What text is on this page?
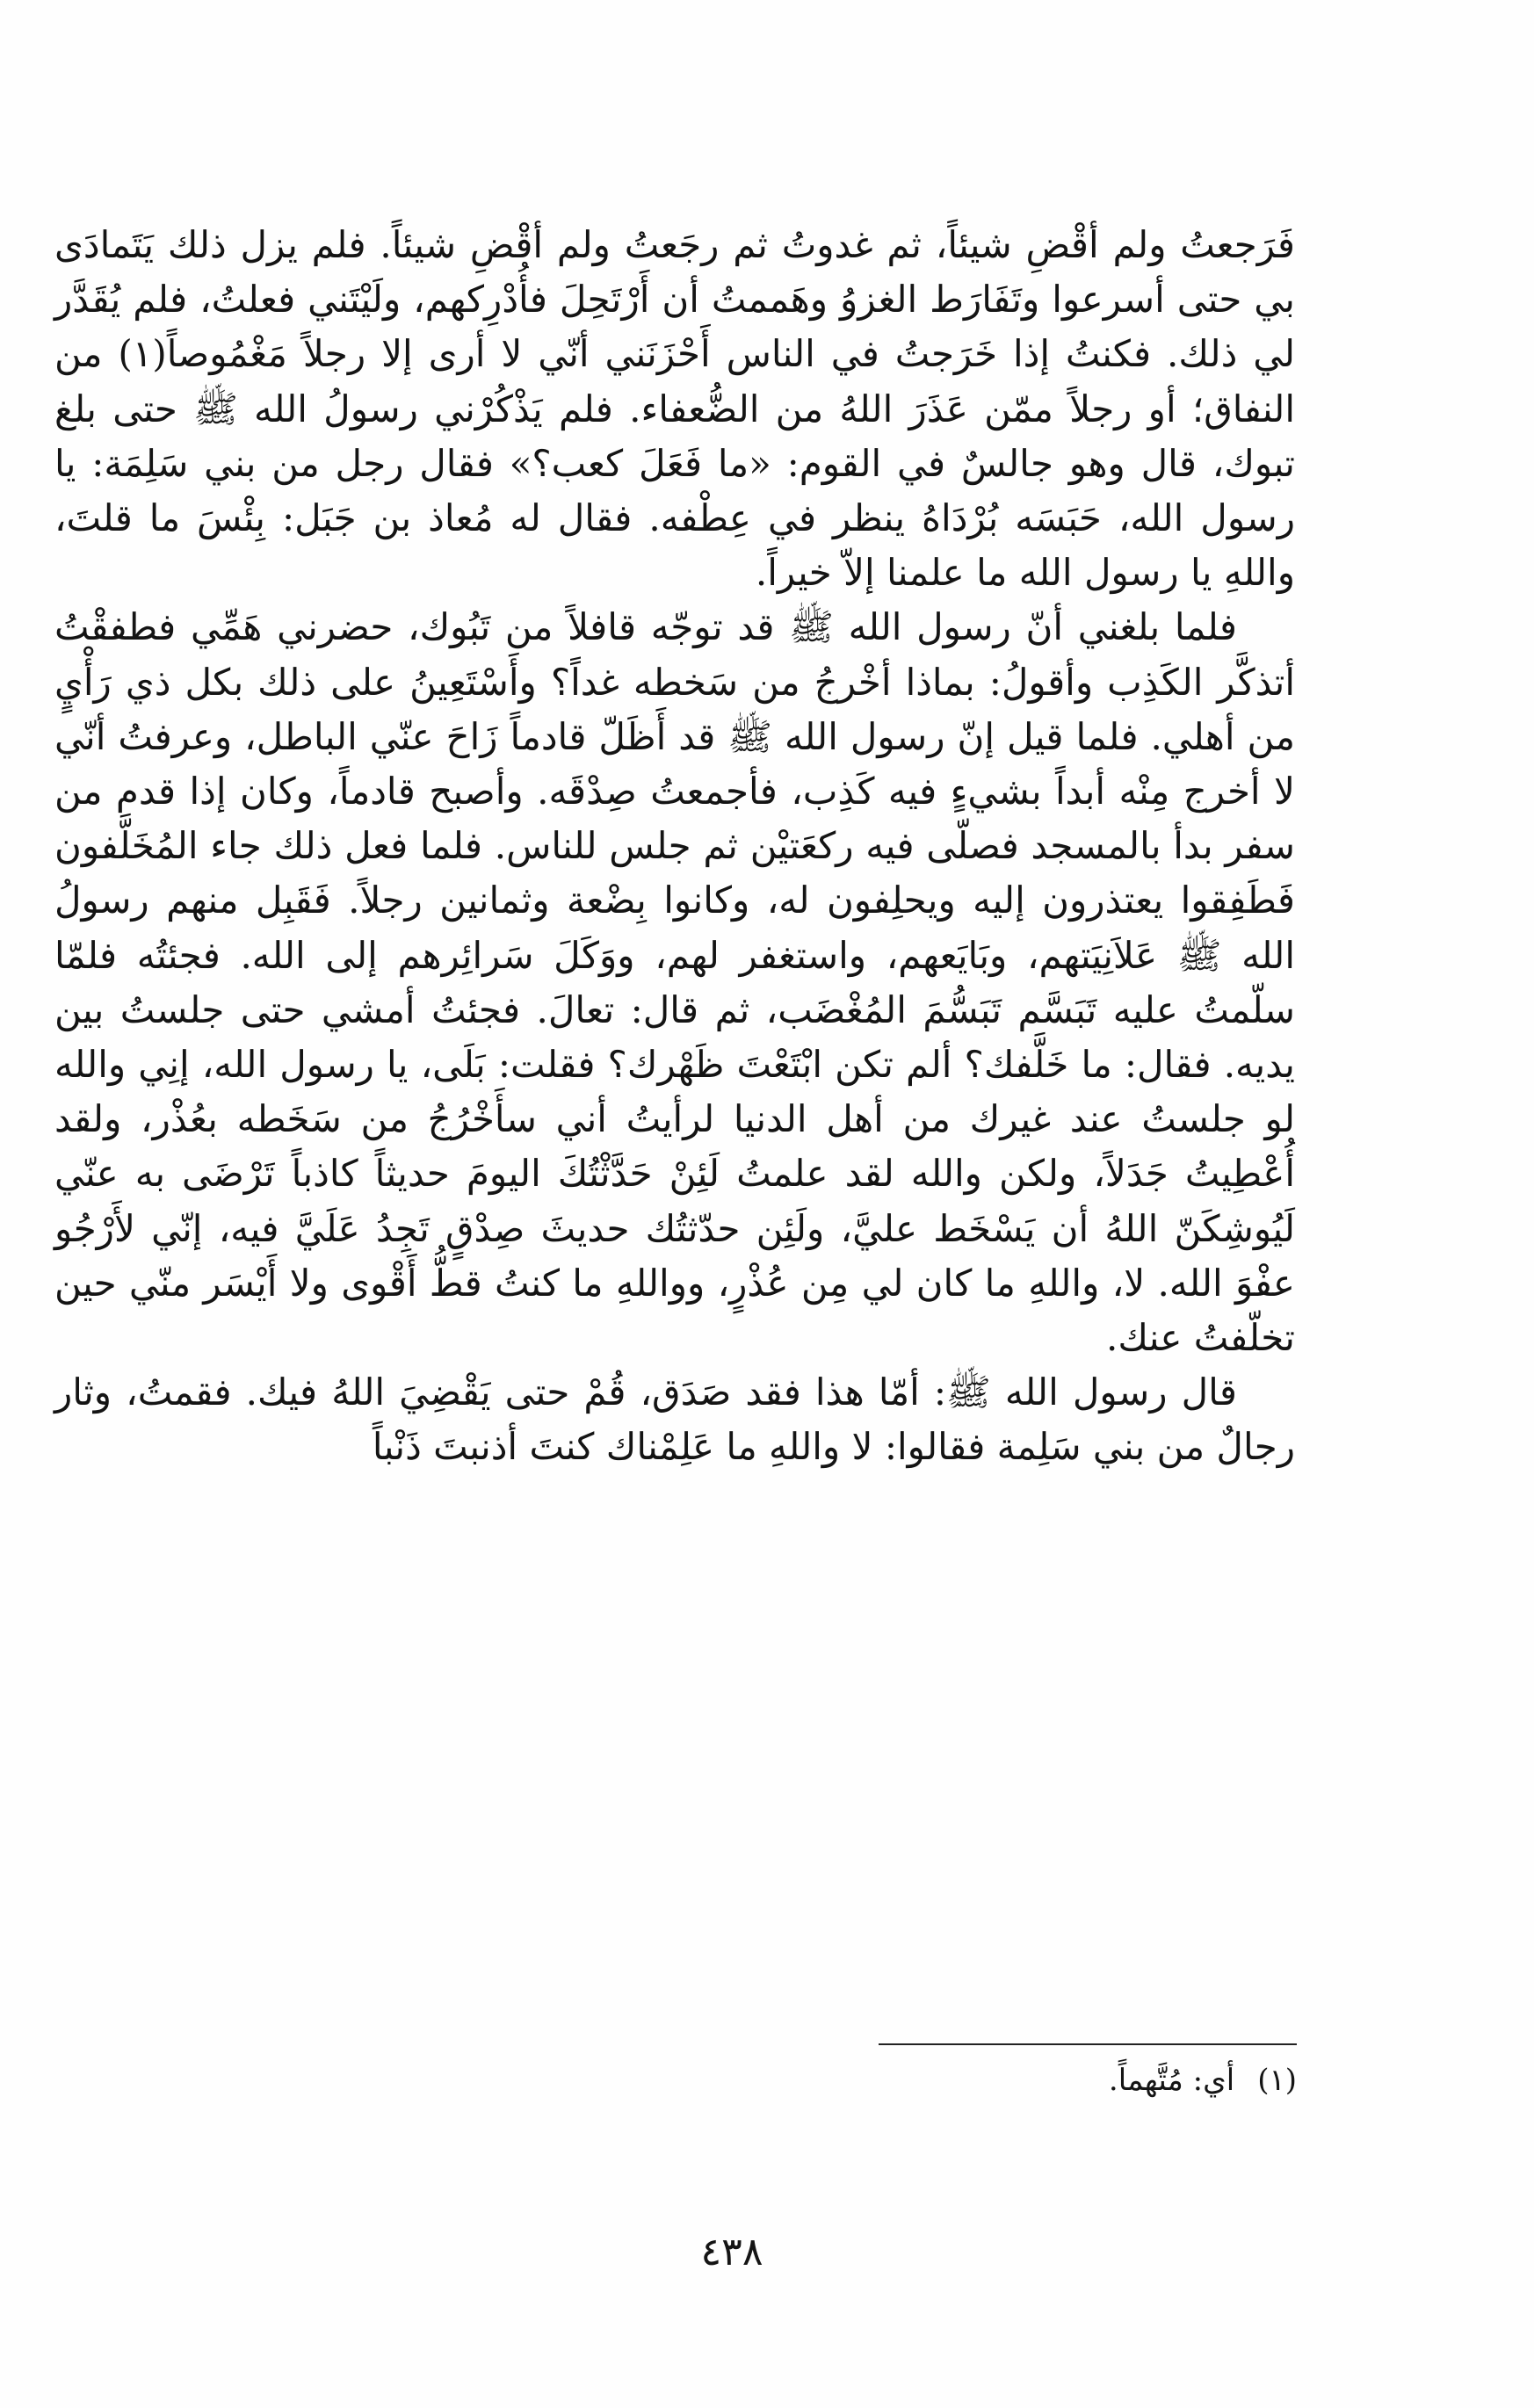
فَرَجعتُ ولم أقْضِ شيئاً، ثم غدوتُ ثم رجَعتُ ولم أقْضِ شيئاً. فلم يزل ذلك يَتَمادَى بي حتى أسرعوا وتَفَارَط الغزوُ وهَممتُ أن أَرْتَحِلَ فأُدْرِكهم، ولَيْتَني فعلتُ، فلم يُقَدَّر لي ذلك. فكنتُ إذا خَرَجتُ في الناس أَحْزَنَني أنّي لا أرى إلا رجلاً مَغْمُوصاً(١) من النفاق؛ أو رجلاً ممّن عَذَرَ اللهُ من الضُّعفاء. فلم يَذْكُرْني رسولُ الله ﷺ حتى بلغ تبوك، قال وهو جالسٌ في القوم: «ما فَعَلَ كعب؟» فقال رجل من بني سَلِمَة: يا رسول الله، حَبَسَه بُرْدَاهُ ينظر في عِطْفه. فقال له مُعاذ بن جَبَل: بِئْسَ ما قلتَ، واللهِ يا رسول الله ما علمنا إلاّ خيراً.

فلما بلغني أنّ رسول الله ﷺ قد توجّه قافلاً من تَبُوك، حضرني هَمِّي فطفقْتُ أتذكَّر الكَذِب وأقولُ: بماذا أخْرجُ من سَخطه غداً؟ وأَسْتَعِينُ على ذلك بكل ذي رَأْيٍ من أهلي. فلما قيل إنّ رسول الله ﷺ قد أَظَلّ قادماً زَاحَ عنّي الباطل، وعرفتُ أنّي لا أخرج مِنْه أبداً بشيءٍ فيه كَذِب، فأجمعتُ صِدْقَه. وأصبح قادماً، وكان إذا قدم من سفر بدأ بالمسجد فصلّى فيه ركعَتيْن ثم جلس للناس. فلما فعل ذلك جاء المُخَلَّفون فَطَفِقوا يعتذرون إليه ويحلِفون له، وكانوا بِضْعة وثمانين رجلاً. فَقَبِل منهم رسولُ الله ﷺ عَلاَنِيَتهم، وبَايَعهم، واستغفر لهم، ووَكَلَ سَرائِرهم إلى الله. فجئتُه فلمّا سلّمتُ عليه تَبَسَّم تَبَسُّمَ المُغْضَب، ثم قال: تعالَ. فجئتُ أمشي حتى جلستُ بين يديه. فقال: ما خَلَّفك؟ ألم تكن ابْتَعْتَ ظَهْرك؟ فقلت: بَلَى، يا رسول الله، إنِي والله لو جلستُ عند غيرك من أهل الدنيا لرأيتُ أني سأَخْرُجُ من سَخَطه بعُذْر، ولقد أُعْطِيتُ جَدَلاً، ولكن والله لقد علمتُ لَئِنْ حَدَّثْتُكَ اليومَ حديثاً كاذباً تَرْضَى به عنّي لَيُوشِكَنّ اللهُ أن يَسْخَط عليَّ، ولَئِن حدّثتُك حديثَ صِدْقٍ تَجِدُ عَلَيَّ فيه، إنّي لأَرْجُو عفْوَ الله. لا، واللهِ ما كان لي مِن عُذْرٍ، وواللهِ ما كنتُ قطُّ أَقْوى ولا أَيْسَر منّي حين تخلّفتُ عنك.

قال رسول الله ﷺ: أمّا هذا فقد صَدَق، قُمْ حتى يَقْضِيَ اللهُ فيك. فقمتُ، وثار رجالٌ من بني سَلِمة فقالوا: لا واللهِ ما عَلِمْناك كنتَ أذنبتَ ذَنْباً

(١)أي: مُتَّهماً.
٤٣٨
